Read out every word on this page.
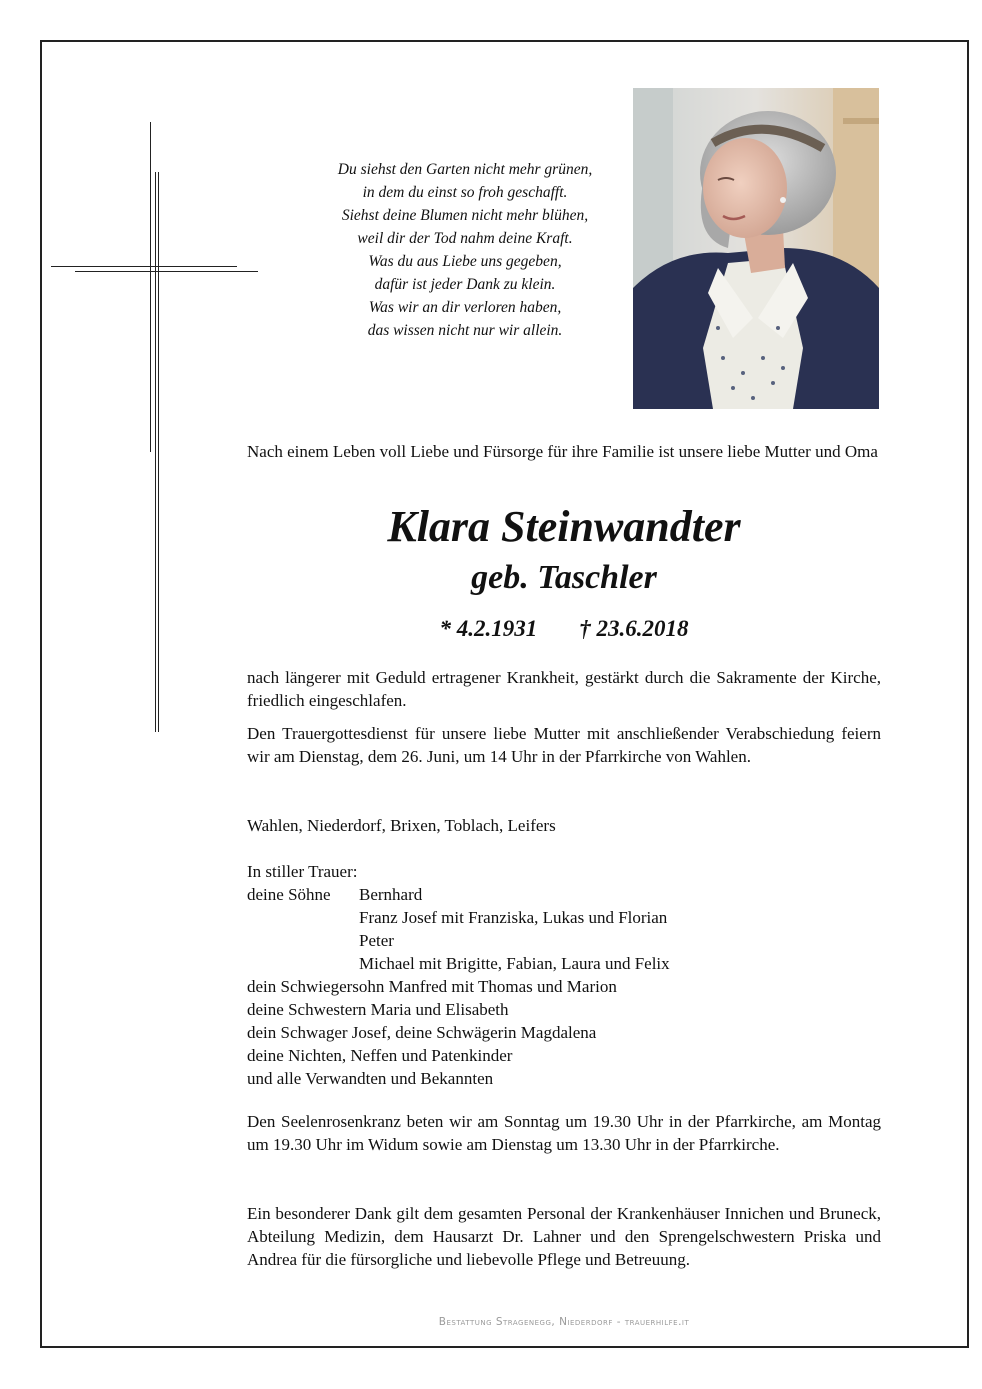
Du siehst den Garten nicht mehr grünen,
in dem du einst so froh geschafft.
Siehst deine Blumen nicht mehr blühen,
weil dir der Tod nahm deine Kraft.
Was du aus Liebe uns gegeben,
dafür ist jeder Dank zu klein.
Was wir an dir verloren haben,
das wissen nicht nur wir allein.
Nach einem Leben voll Liebe und Fürsorge für ihre Familie ist unsere liebe Mutter und Oma
Klara Steinwandter
geb. Taschler
* 4.2.1931 † 23.6.2018
nach längerer mit Geduld ertragener Krankheit, gestärkt durch die Sakramente der Kirche, friedlich eingeschlafen.
Den Trauergottesdienst für unsere liebe Mutter mit anschließender Verabschiedung feiern wir am Dienstag, dem 26. Juni, um 14 Uhr in der Pfarrkirche von Wahlen.
Wahlen, Niederdorf, Brixen, Toblach, Leifers
In stiller Trauer:
deine Söhne Bernhard
Franz Josef mit Franziska, Lukas und Florian
Peter
Michael mit Brigitte, Fabian, Laura und Felix
dein Schwiegersohn Manfred mit Thomas und Marion
deine Schwestern Maria und Elisabeth
dein Schwager Josef, deine Schwägerin Magdalena
deine Nichten, Neffen und Patenkinder
und alle Verwandten und Bekannten
Den Seelenrosenkranz beten wir am Sonntag um 19.30 Uhr in der Pfarrkirche, am Montag um 19.30 Uhr im Widum sowie am Dienstag um 13.30 Uhr in der Pfarrkirche.
Ein besonderer Dank gilt dem gesamten Personal der Krankenhäuser Innichen und Bruneck, Abteilung Medizin, dem Hausarzt Dr. Lahner und den Sprengelschwestern Priska und Andrea für die fürsorgliche und liebevolle Pflege und Betreuung.
Bestattung Stragenegg, Niederdorf - trauerhilfe.it
